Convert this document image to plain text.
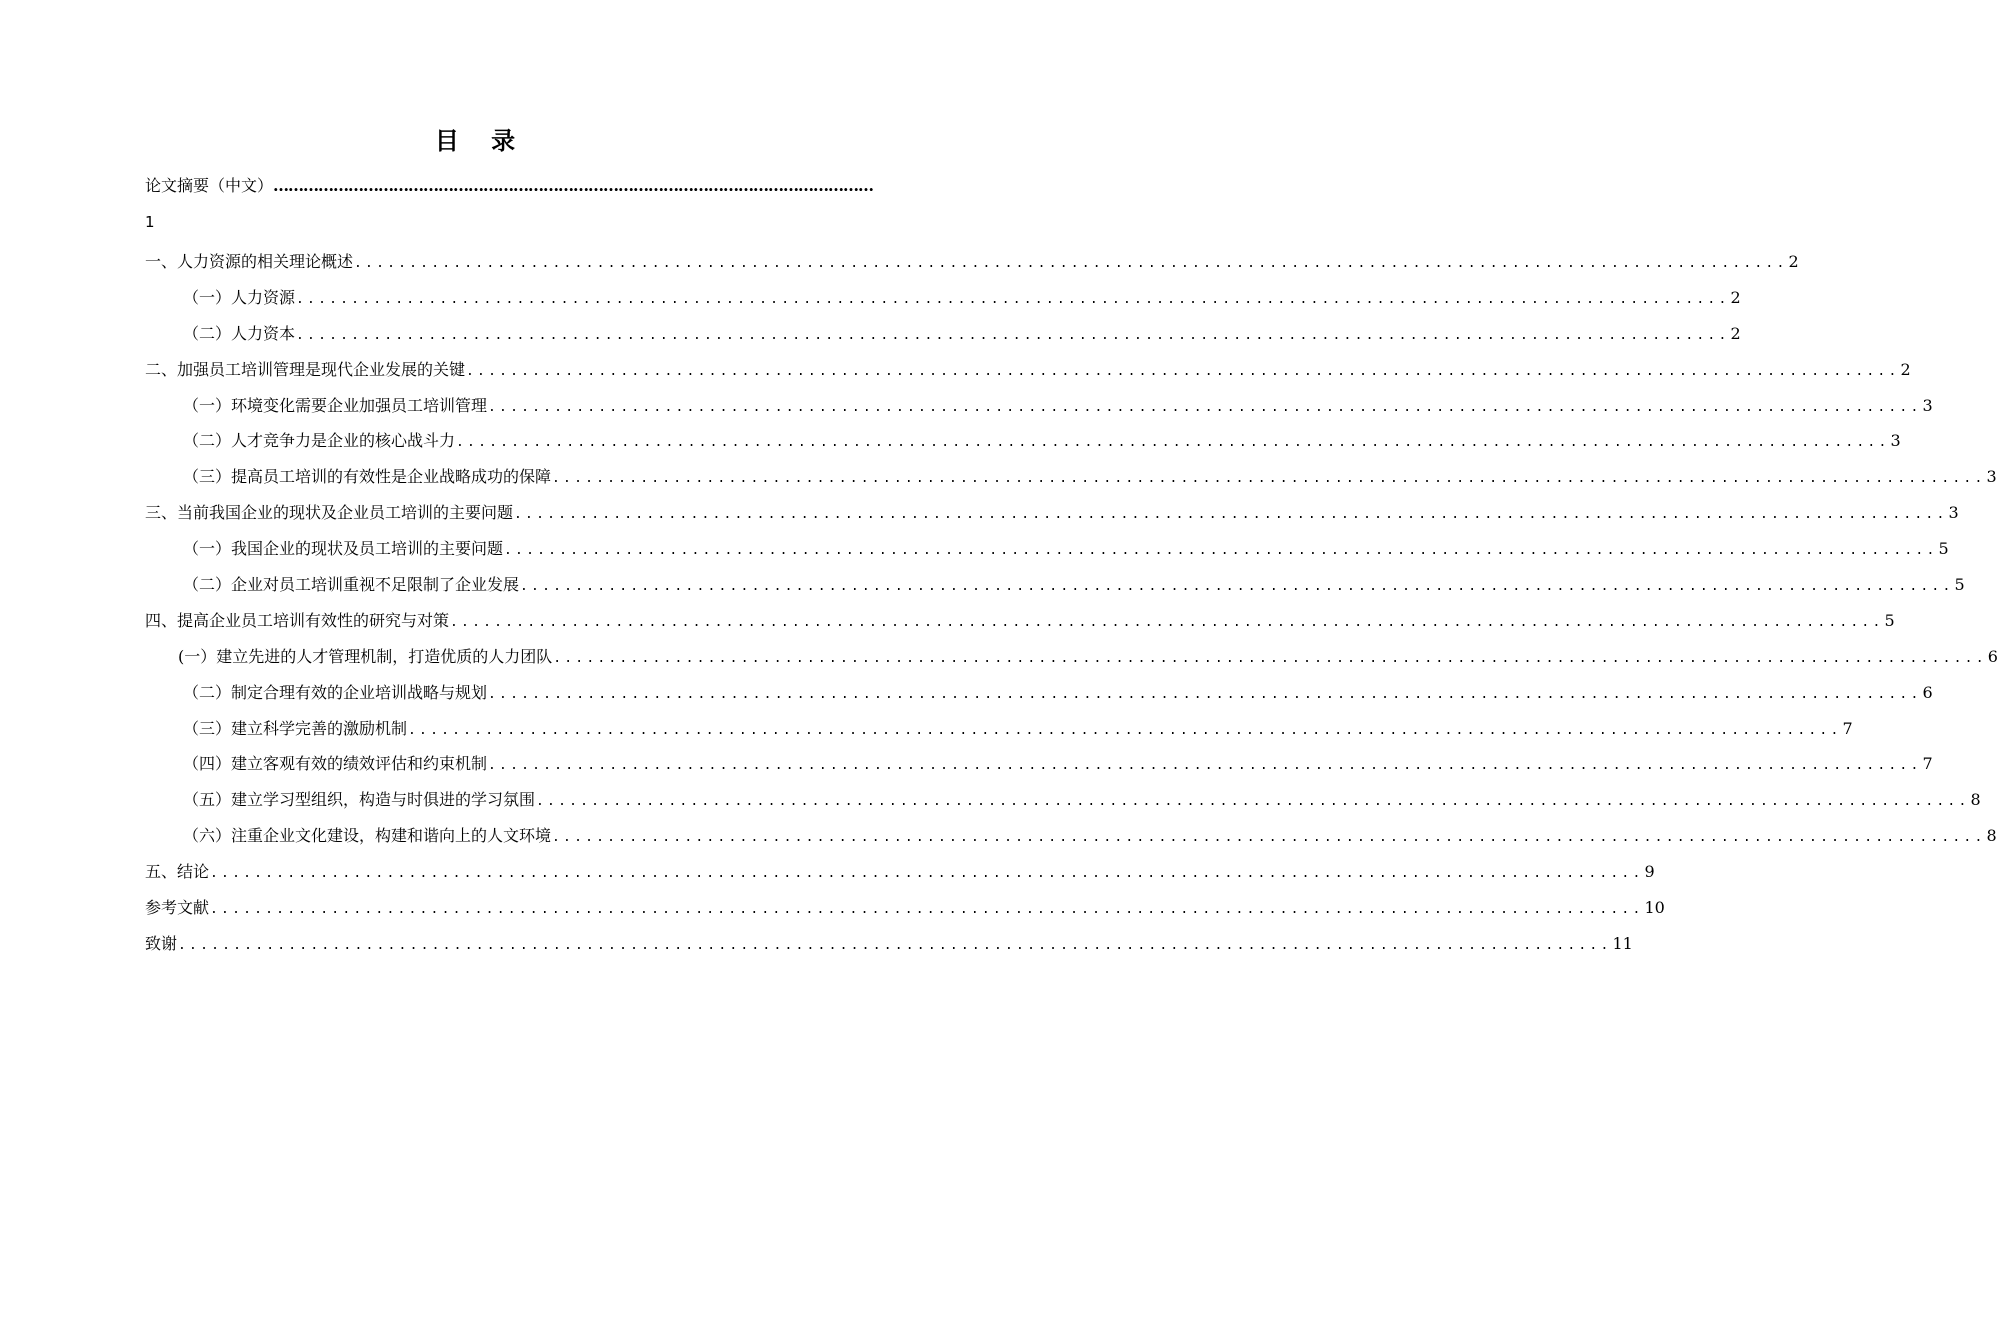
目 录
论文摘要（中文） …………………………………………………………………………………………………………
1
一、人力资源的相关理论概述 .................................................................................................................................. 2
（一）人力资源 .................................................................................................................................. 2
（二）人力资本 .................................................................................................................................. 2
二、加强员工培训管理是现代企业发展的关键 .................................................................................................................................. 2
（一）环境变化需要企业加强员工培训管理 .................................................................................................................................. 3
（二）人才竞争力是企业的核心战斗力 .................................................................................................................................. 3
（三）提高员工培训的有效性是企业战略成功的保障 .................................................................................................................................. 3
三、当前我国企业的现状及企业员工培训的主要问题 .................................................................................................................................. 3
（一）我国企业的现状及员工培训的主要问题 .................................................................................................................................. 5
（二）企业对员工培训重视不足限制了企业发展 .................................................................................................................................. 5
四、提高企业员工培训有效性的研究与对策 .................................................................................................................................. 5
(一）建立先进的人才管理机制，打造优质的人力团队 .................................................................................................................................. 6
（二）制定合理有效的企业培训战略与规划 .................................................................................................................................. 6
（三）建立科学完善的激励机制 .................................................................................................................................. 7
（四）建立客观有效的绩效评估和约束机制 .................................................................................................................................. 7
（五）建立学习型组织，构造与时俱进的学习氛围 .................................................................................................................................. 8
（六）注重企业文化建设，构建和谐向上的人文环境 .................................................................................................................................. 8
五、结论 .................................................................................................................................. 9
参考文献 .................................................................................................................................. 10
致谢 .................................................................................................................................. 11
